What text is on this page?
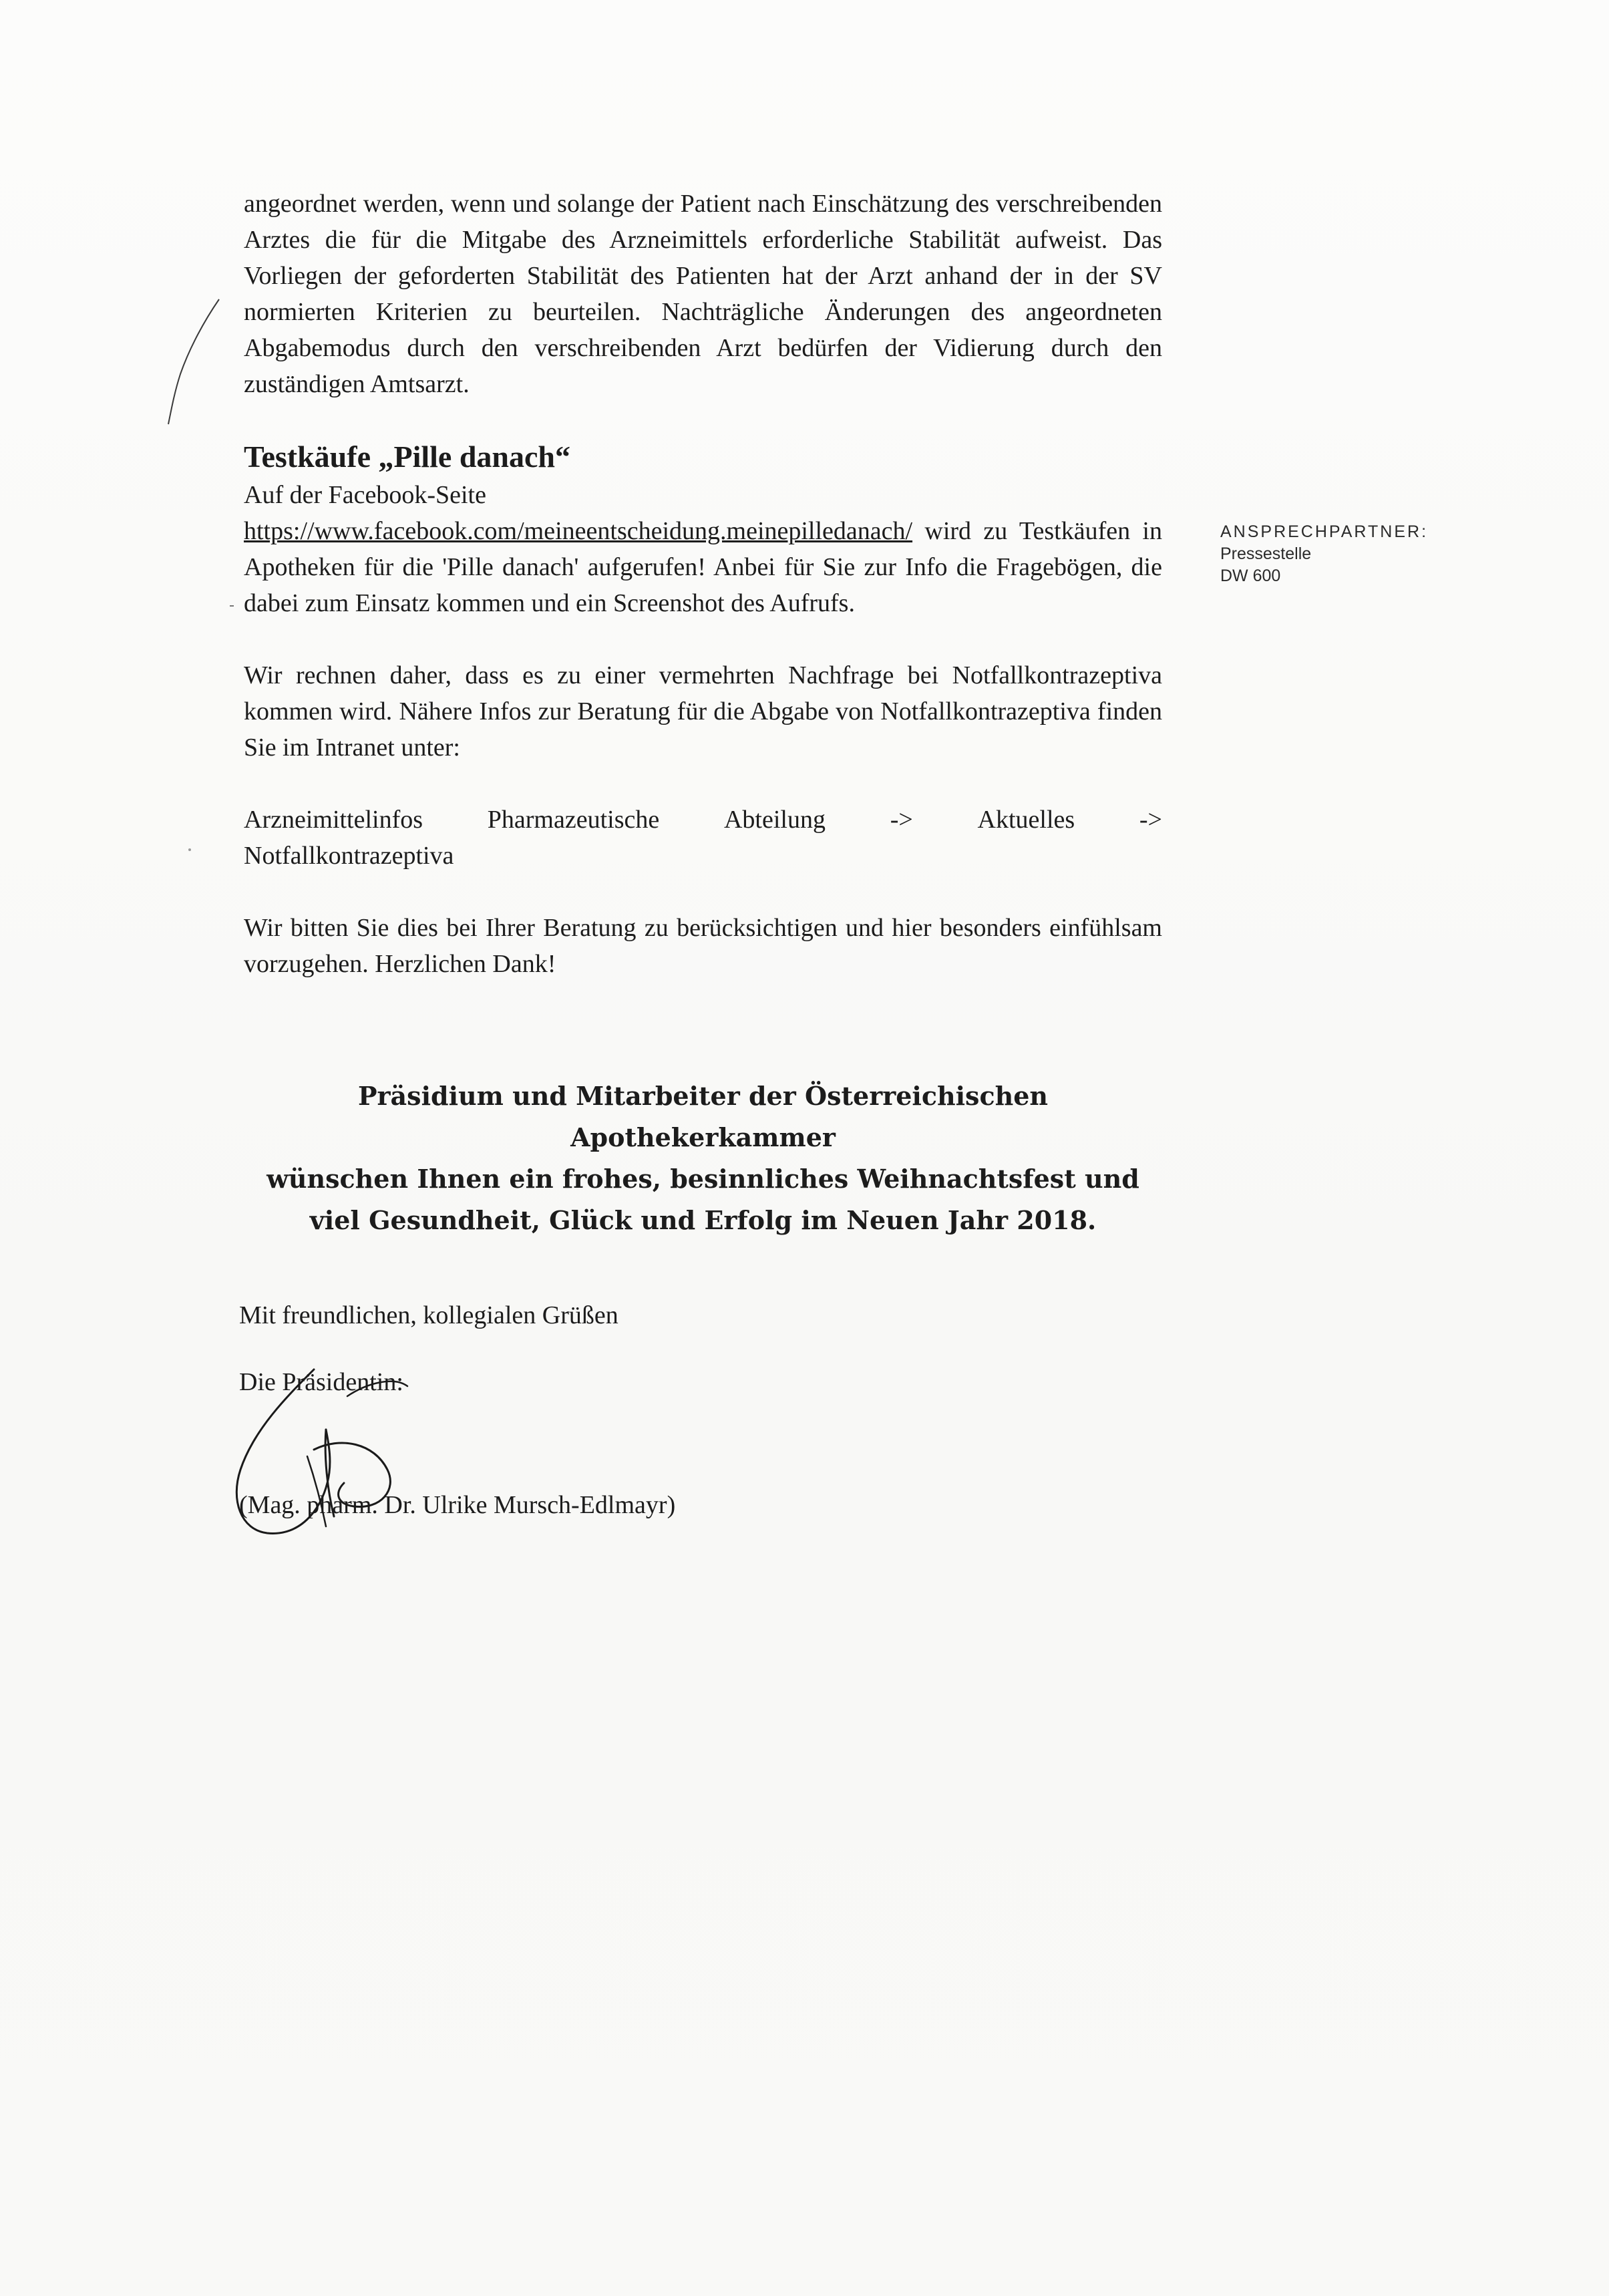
angeordnet werden, wenn und solange der Patient nach Einschätzung des verschreibenden Arztes die für die Mitgabe des Arzneimittels erforderliche Stabilität aufweist. Das Vorliegen der geforderten Stabilität des Patienten hat der Arzt anhand der in der SV normierten Kriterien zu beurteilen. Nachträgliche Änderungen des angeordneten Abgabemodus durch den verschreibenden Arzt bedürfen der Vidierung durch den zuständigen Amtsarzt.

Testkäufe „Pille danach“

Auf der Facebook-Seite
https://www.facebook.com/meineentscheidung.meinepilledanach/ wird zu Testkäufen in Apotheken für die 'Pille danach' aufgerufen! Anbei für Sie zur Info die Fragebögen, die dabei zum Einsatz kommen und ein Screenshot des Aufrufs.

Wir rechnen daher, dass es zu einer vermehrten Nachfrage bei Notfallkontrazeptiva kommen wird. Nähere Infos zur Beratung für die Abgabe von Notfallkontrazeptiva finden Sie im Intranet unter:

Arzneimittelinfos	Pharmazeutische	Abteilung	->	Aktuelles	->
Notfallkontrazeptiva

Wir bitten Sie dies bei Ihrer Beratung zu berücksichtigen und hier besonders einfühlsam vorzugehen. Herzlichen Dank!

ANSPRECHPARTNER:
Pressestelle
DW 600
Präsidium und Mitarbeiter der Österreichischen Apothekerkammer
wünschen Ihnen ein frohes, besinnliches Weihnachtsfest und
viel Gesundheit, Glück und Erfolg im Neuen Jahr 2018.

Mit freundlichen, kollegialen Grüßen

Die Präsidentin:

(Mag. pharm. Dr. Ulrike Mursch-Edlmayr)
